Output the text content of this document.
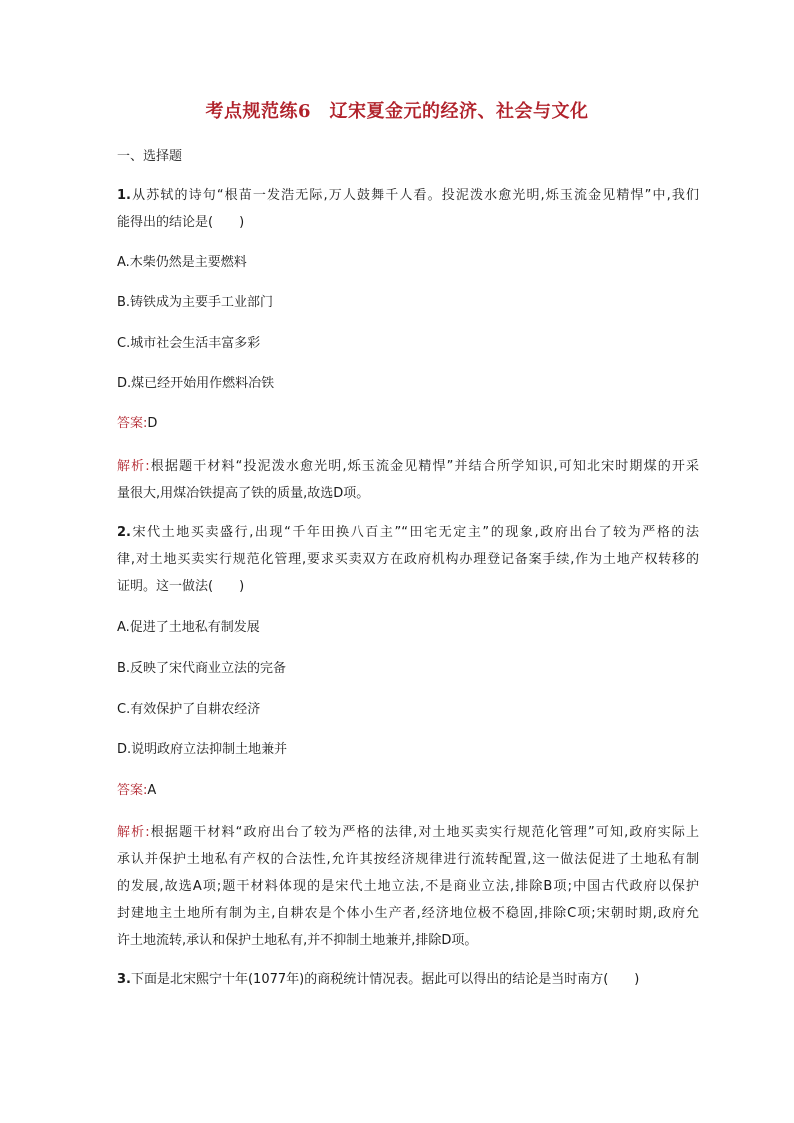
考点规范练6　辽宋夏金元的经济、社会与文化
一、选择题
1.从苏轼的诗句“根苗一发浩无际,万人鼓舞千人看。投泥泼水愈光明,烁玉流金见精悍”中,我们
能得出的结论是(　　)
A.木柴仍然是主要燃料
B.铸铁成为主要手工业部门
C.城市社会生活丰富多彩
D.煤已经开始用作燃料冶铁
答案:D
解析:根据题干材料“投泥泼水愈光明,烁玉流金见精悍”并结合所学知识,可知北宋时期煤的开采
量很大,用煤冶铁提高了铁的质量,故选D项。
2.宋代土地买卖盛行,出现“千年田换八百主”“田宅无定主”的现象,政府出台了较为严格的法
律,对土地买卖实行规范化管理,要求买卖双方在政府机构办理登记备案手续,作为土地产权转移的
证明。这一做法(　　)
A.促进了土地私有制发展
B.反映了宋代商业立法的完备
C.有效保护了自耕农经济
D.说明政府立法抑制土地兼并
答案:A
解析:根据题干材料“政府出台了较为严格的法律,对土地买卖实行规范化管理”可知,政府实际上
承认并保护土地私有产权的合法性,允许其按经济规律进行流转配置,这一做法促进了土地私有制
的发展,故选A项;题干材料体现的是宋代土地立法,不是商业立法,排除B项;中国古代政府以保护
封建地主土地所有制为主,自耕农是个体小生产者,经济地位极不稳固,排除C项;宋朝时期,政府允
许土地流转,承认和保护土地私有,并不抑制土地兼并,排除D项。
3.下面是北宋熙宁十年(1077年)的商税统计情况表。据此可以得出的结论是当时南方(　　)
